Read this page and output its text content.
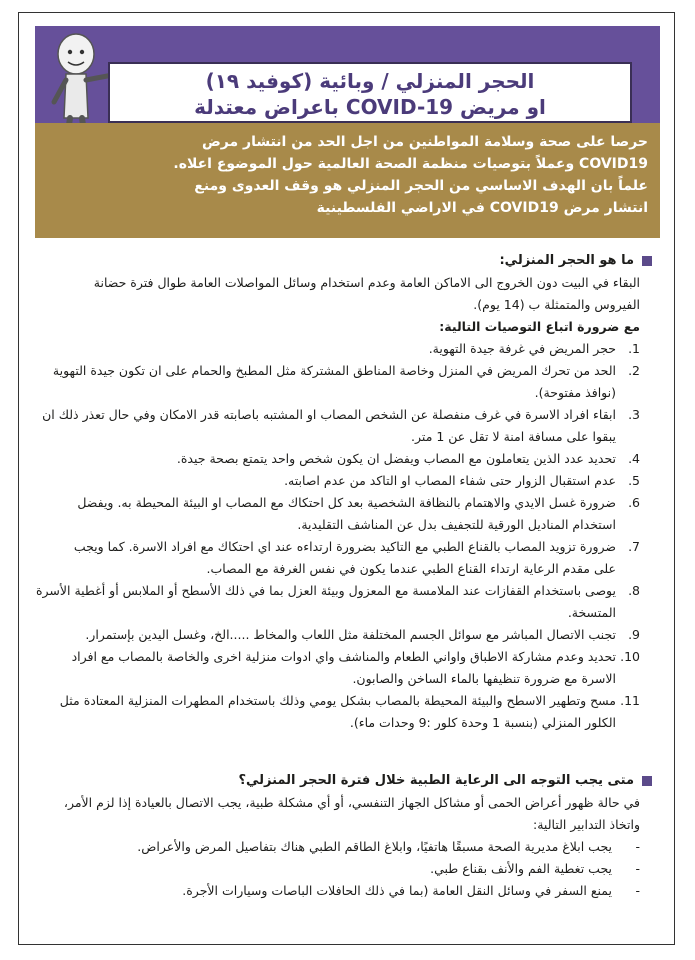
الحجر المنزلي / وبائية (كوفيد ١٩)
او مريض COVID-19 باعراض معتدلة

حرصا على صحة وسلامة المواطنين من اجل الحد من انتشار مرض

COVID19 وعملاً بتوصيات منظمة الصحة العالمية حول الموضوع اعلاه.

علماً بان الهدف الاساسي من الحجر المنزلي هو وقف العدوى ومنع

انتشار مرض COVID19 في الاراضي الفلسطينية

ما هو الحجر المنزلي:

البقاء في البيت دون الخروج الى الاماكن العامة وعدم استخدام وسائل المواصلات العامة طوال فترة حضانة

الفيروس والمتمثلة ب (14 يوم).

مع ضرورة اتباع التوصيات التالية:

1.
حجر المريض في غرفة جيدة التهوية.
2.
الحد من تحرك المريض في المنزل وخاصة المناطق المشتركة مثل المطبخ والحمام على ان تكون جيدة التهوية
(نوافذ مفتوحة).
3.
ابقاء افراد الاسرة في غرف منفصلة عن الشخص المصاب او المشتبه باصابته قدر الامكان وفي حال تعذر ذلك ان
يبقوا على مسافة امنة لا تقل عن 1 متر.
4.
تحديد عدد الذين يتعاملون مع المصاب ويفضل ان يكون شخص واحد يتمتع بصحة جيدة.
5.
عدم استقبال الزوار حتى شفاء المصاب او التاكد من عدم اصابته.
6.
ضرورة غسل الايدي والاهتمام بالنظافة الشخصية بعد كل احتكاك مع المصاب او البيئة المحيطة به. ويفضل
استخدام المناديل الورقية للتجفيف بدل عن المناشف التقليدية.
7.
ضرورة تزويد المصاب بالقناع الطبي مع التاكيد بضرورة ارتداءه عند اي احتكاك مع افراد الاسرة. كما ويجب
على مقدم الرعاية ارتداء القناع الطبي عندما يكون في نفس الغرفة مع المصاب.
8.
يوصى باستخدام القفازات عند الملامسة مع المعزول وبيئة العزل بما في ذلك الأسطح أو الملابس أو أغطية الأسرة
المتسخة.
9.
تجنب الاتصال المباشر مع سوائل الجسم المختلفة مثل اللعاب والمخاط .....الخ، وغسل اليدين بإستمرار.
10.
تحديد وعدم مشاركة الاطباق واواني الطعام والمناشف واي ادوات منزلية اخرى والخاصة بالمصاب مع افراد
الاسرة مع ضرورة تنظيفها بالماء الساخن والصابون.
11.
مسح وتطهير الاسطح والبيئة المحيطة بالمصاب بشكل يومي وذلك باستخدام المطهرات المنزلية المعتادة مثل
الكلور المنزلي (بنسبة 1 وحدة كلور :9 وحدات ماء).
متى يجب التوجه الى الرعاية الطبية خلال فترة الحجر المنزلي؟

في حالة ظهور أعراض الحمى أو مشاكل الجهاز التنفسي، أو أي مشكلة طبية، يجب الاتصال بالعيادة إذا لزم الأمر،

واتخاذ التدابير التالية:

-
يجب ابلاغ مديرية الصحة مسبقًا هاتفيًا، وابلاغ الطاقم الطبي هناك بتفاصيل المرض والأعراض.
-
يجب تغطية الفم والأنف بقناع طبي.
-
يمنع السفر في وسائل النقل العامة (بما في ذلك الحافلات الباصات وسيارات الأجرة.
